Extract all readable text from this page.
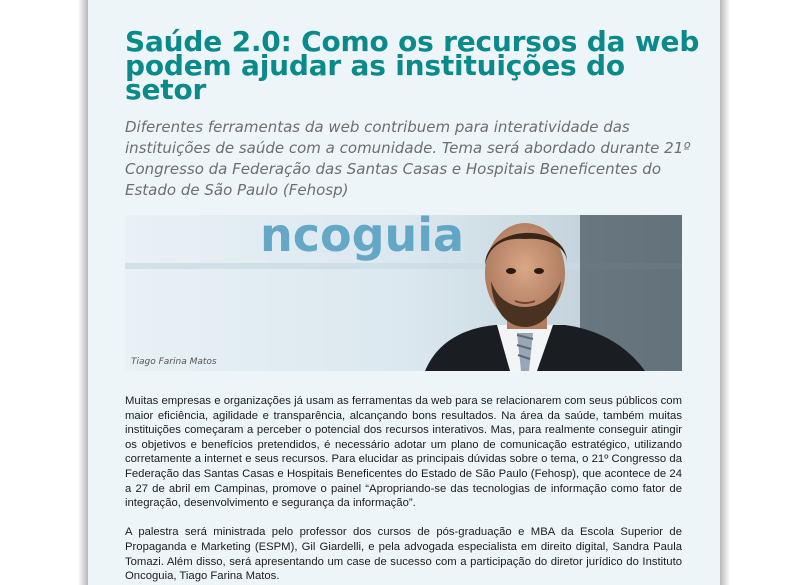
Saúde 2.0: Como os recursos da web podem ajudar as instituições do setor

Diferentes ferramentas da web contribuem para interatividade das instituições de saúde com a comunidade. Tema será abordado durante 21º Congresso da Federação das Santas Casas e Hospitais Beneficentes do Estado de São Paulo (Fehosp)

ncoguia
Tiago Farina Matos

Muitas empresas e organizações já usam as ferramentas da web para se relacionarem com seus públicos com maior eficiência, agilidade e transparência, alcançando bons resultados. Na área da saúde, também muitas instituições começaram a perceber o potencial dos recursos interativos. Mas, para realmente conseguir atingir os objetivos e benefícios pretendidos, é necessário adotar um plano de comunicação estratégico, utilizando corretamente a internet e seus recursos. Para elucidar as principais dúvidas sobre o tema, o 21º Congresso da Federação das Santas Casas e Hospitais Beneficentes do Estado de São Paulo (Fehosp), que acontece de 24 a 27 de abril em Campinas, promove o painel “Apropriando-se das tecnologias de informação como fator de integração, desenvolvimento e segurança da informação”.

A palestra será ministrada pelo professor dos cursos de pós-graduação e MBA da Escola Superior de Propaganda e Marketing (ESPM), Gil Giardelli, e pela advogada especialista em direito digital, Sandra Paula Tomazi. Além disso, será apresentando um case de sucesso com a participação do diretor jurídico do Instituto Oncoguia, Tiago Farina Matos.
